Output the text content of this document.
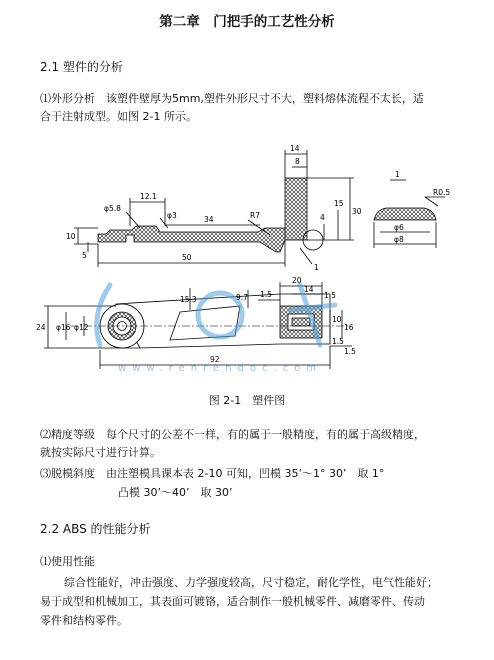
第二章　门把手的工艺性分析
2.1 塑件的分析
⑴外形分析　该塑件壁厚为5mm,塑件外形尺寸不大，塑料熔体流程不太长，适
合于注射成型。如图 2-1 所示。
14
8
12.1
φ5.8
φ3	34	R7
10
5
4
15
30
50
1
1
R0.5
φ6
φ8
20
14
1.5	1.5
1.5
15.3	9.7
24 φ16 φ12
10
16
1.5
92
www.renrendoc.com
图 2-1　塑件图
⑵精度等级　每个尺寸的公差不一样，有的属于一般精度，有的属于高级精度，
就按实际尺寸进行计算。
⑶脱模斜度　由注塑模具课本表 2-10 可知，凹模 35’～1° 30’　取 1°
凸模 30’～40’　取 30’
2.2 ABS 的性能分析
⑴使用性能
综合性能好，冲击强度、力学强度较高，尺寸稳定，耐化学性，电气性能好；
易于成型和机械加工，其表面可镀铬，适合制作一般机械零件、减磨零件、传动
零件和结构零件。
